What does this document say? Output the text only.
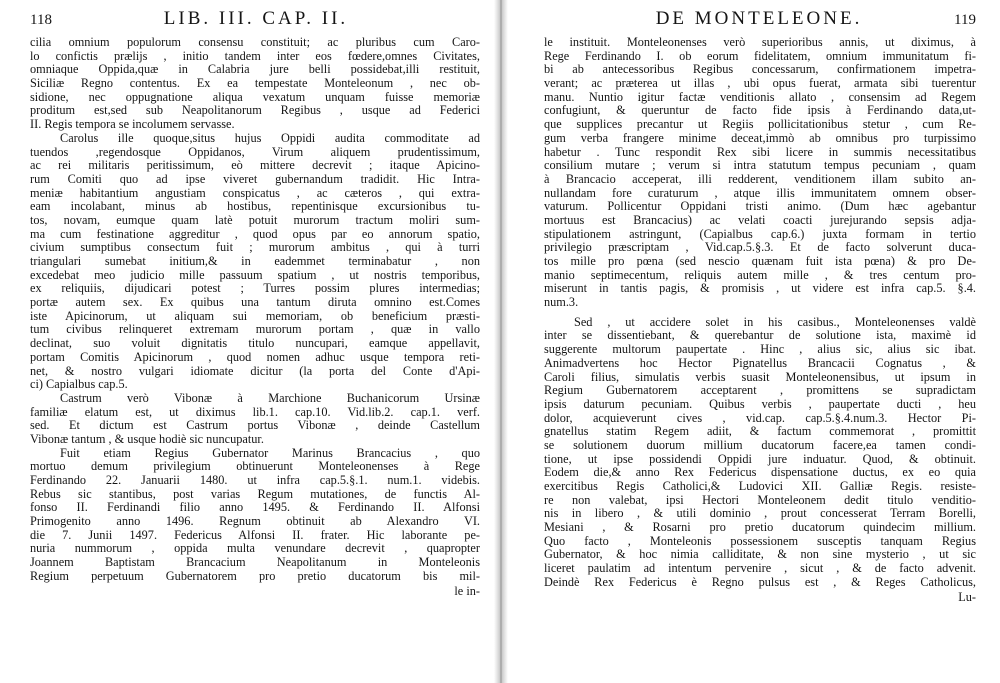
118	LIB. III. CAP. II.
cilia omnium populorum consensu constituit; ac pluribus cum Caro-
lo confictis prælijs , initio tandem inter eos fœdere,omnes Civitates,
omniaque Oppida,quæ in Calabria jure belli possidebat,illi restituit,
Siciliæ Regno contentus. Ex ea tempestate Monteleonum , nec ob-
sidione, nec oppugnatione aliqua vexatum unquam fuisse memoriæ
proditum est,sed sub Neapolitanorum Regibus , usque ad Federici
II. Regis tempora se incolumem servasse.
Carolus ille quoque,situs hujus Oppidi audita commoditate ad
tuendos ,regendosque Oppidanos, Virum aliquem prudentissimum,
ac rei militaris peritissimum, eò mittere decrevit ; itaque Apicino-
rum Comiti quo ad ipse viveret gubernandum tradidit. Hic Intra-
meniæ habitantium angustiam conspicatus , ac cæteros , qui extra-
eam incolabant, minus ab hostibus, repentinisque excursionibus tu-
tos, novam, eumque quam latè potuit murorum tractum moliri sum-
ma cum festinatione aggreditur , quod opus par eo annorum spatio,
civium sumptibus consectum fuit ; murorum ambitus , qui à turri
triangulari sumebat initium,& in eademmet terminabatur , non
excedebat meo judicio mille passuum spatium , ut nostris temporibus,
ex reliquiis, dijudicari potest ; Turres possim plures intermedias;
portæ autem sex. Ex quibus una tantum diruta omnino est.Comes
iste Apicinorum, ut aliquam sui memoriam, ob beneficium præsti-
tum civibus relinqueret extremam murorum portam , quæ in vallo
declinat, suo voluit dignitatis titulo nuncupari, eamque appellavit,
portam Comitis Apicinorum , quod nomen adhuc usque tempora reti-
net, & nostro vulgari idiomate dicitur (la porta del Conte d'Api-
ci) Capialbus cap.5.
Castrum verò Vibonæ à Marchione Buchanicorum Ursinæ
familiæ elatum est, ut diximus lib.1. cap.10. Vid.lib.2. cap.1. verf.
sed. Et dictum est Castrum portus Vibonæ , deinde Castellum
Vibonæ tantum , & usque hodiè sic nuncupatur.
Fuit etiam Regius Gubernator Marinus Brancacius , quo
mortuo demum privilegium obtinuerunt Monteleonenses à Rege
Ferdinando 22. Januarii 1480. ut infra cap.5.§.1. num.1. videbis.
Rebus sic stantibus, post varias Regum mutationes, de functis Al-
fonso II. Ferdinandi filio anno 1495. & Ferdinando II. Alfonsi
Primogenito anno 1496. Regnum obtinuit ab Alexandro VI.
die 7. Junii 1497. Federicus Alfonsi II. frater. Hic laborante pe-
nuria nummorum , oppida multa venundare decrevit , quapropter
Joannem Baptistam Brancacium Neapolitanum in Monteleonis
Regium perpetuum Gubernatorem pro pretio ducatorum bis mil-
le in-
DE MONTELEONE.	119
le instituit. Monteleonenses verò superioribus annis, ut diximus, à
Rege Ferdinando I. ob eorum fidelitatem, omnium immunitatum fi-
bi ab antecessoribus Regibus concessarum, confirmationem impetra-
verant; ac præterea ut illas , ubi opus fuerat, armata sibi tuerentur
manu. Nuntio igitur factæ venditionis allato , consensim ad Regem
confugiunt, & queruntur de facto fide ipsis à Ferdinando data,ut-
que supplices precantur ut Regiis pollicitationibus stetur , cum Re-
gum verba frangere minime deceat,immò ab omnibus pro turpissimo
habetur . Tunc respondit Rex sibi licere in summis necessitatibus
consilium mutare ; verum si intra statutum tempus pecuniam , quam
à Brancacio acceperat, illi redderent, venditionem illam subito an-
nullandam fore curaturum , atque illis immunitatem omnem obser-
vaturum. Pollicentur Oppidani tristi animo. (Dum hæc agebantur
mortuus est Brancacius) ac velati coacti jurejurando sepsis adja-
stipulationem astringunt, (Capialbus cap.6.) juxta formam in tertio
privilegio præscriptam , Vid.cap.5.§.3. Et de facto solverunt duca-
tos mille pro pœna (sed nescio quænam fuit ista pœna) & pro De-
manio septimecentum, reliquis autem mille , & tres centum pro-
miserunt in tantis pagis, & promisis , ut videre est infra cap.5. §.4.
num.3.
Sed , ut accidere solet in his casibus., Monteleonenses valdè
inter se dissentiebant, & querebantur de solutione ista, maximè id
suggerente multorum paupertate . Hinc , alius sic, alius sic ibat.
Animadvertens hoc Hector Pignatellus Brancacii Cognatus , &
Caroli filius, simulatis verbis suasit Monteleonensibus, ut ipsum in
Regium Gubernatorem acceptarent , promittens se supradictam
ipsis daturum pecuniam. Quibus verbis , paupertate ducti , heu
dolor, acquieverunt cives , vid.cap. cap.5.§.4.num.3. Hector Pi-
gnatellus statim Regem adiit, & factum commemorat , promittit
se solutionem duorum millium ducatorum facere,ea tamen condi-
tione, ut ipse possidendi Oppidi jure induatur. Quod, & obtinuit.
Eodem die,& anno Rex Federicus dispensatione ductus, ex eo quia
exercitibus Regis Catholici,& Ludovici XII. Galliæ Regis. resiste-
re non valebat, ipsi Hectori Monteleonem dedit titulo venditio-
nis in libero , & utili dominio , prout concesserat Terram Borelli,
Mesiani , & Rosarni pro pretio ducatorum quindecim millium.
Quo facto , Monteleonis possessionem susceptis tanquam Regius
Gubernator, & hoc nimia calliditate, & non sine mysterio , ut sic
liceret paulatim ad intentum pervenire , sicut , & de facto advenit.
Deindè Rex Federicus è Regno pulsus est , & Reges Catholicus,
Lu-
